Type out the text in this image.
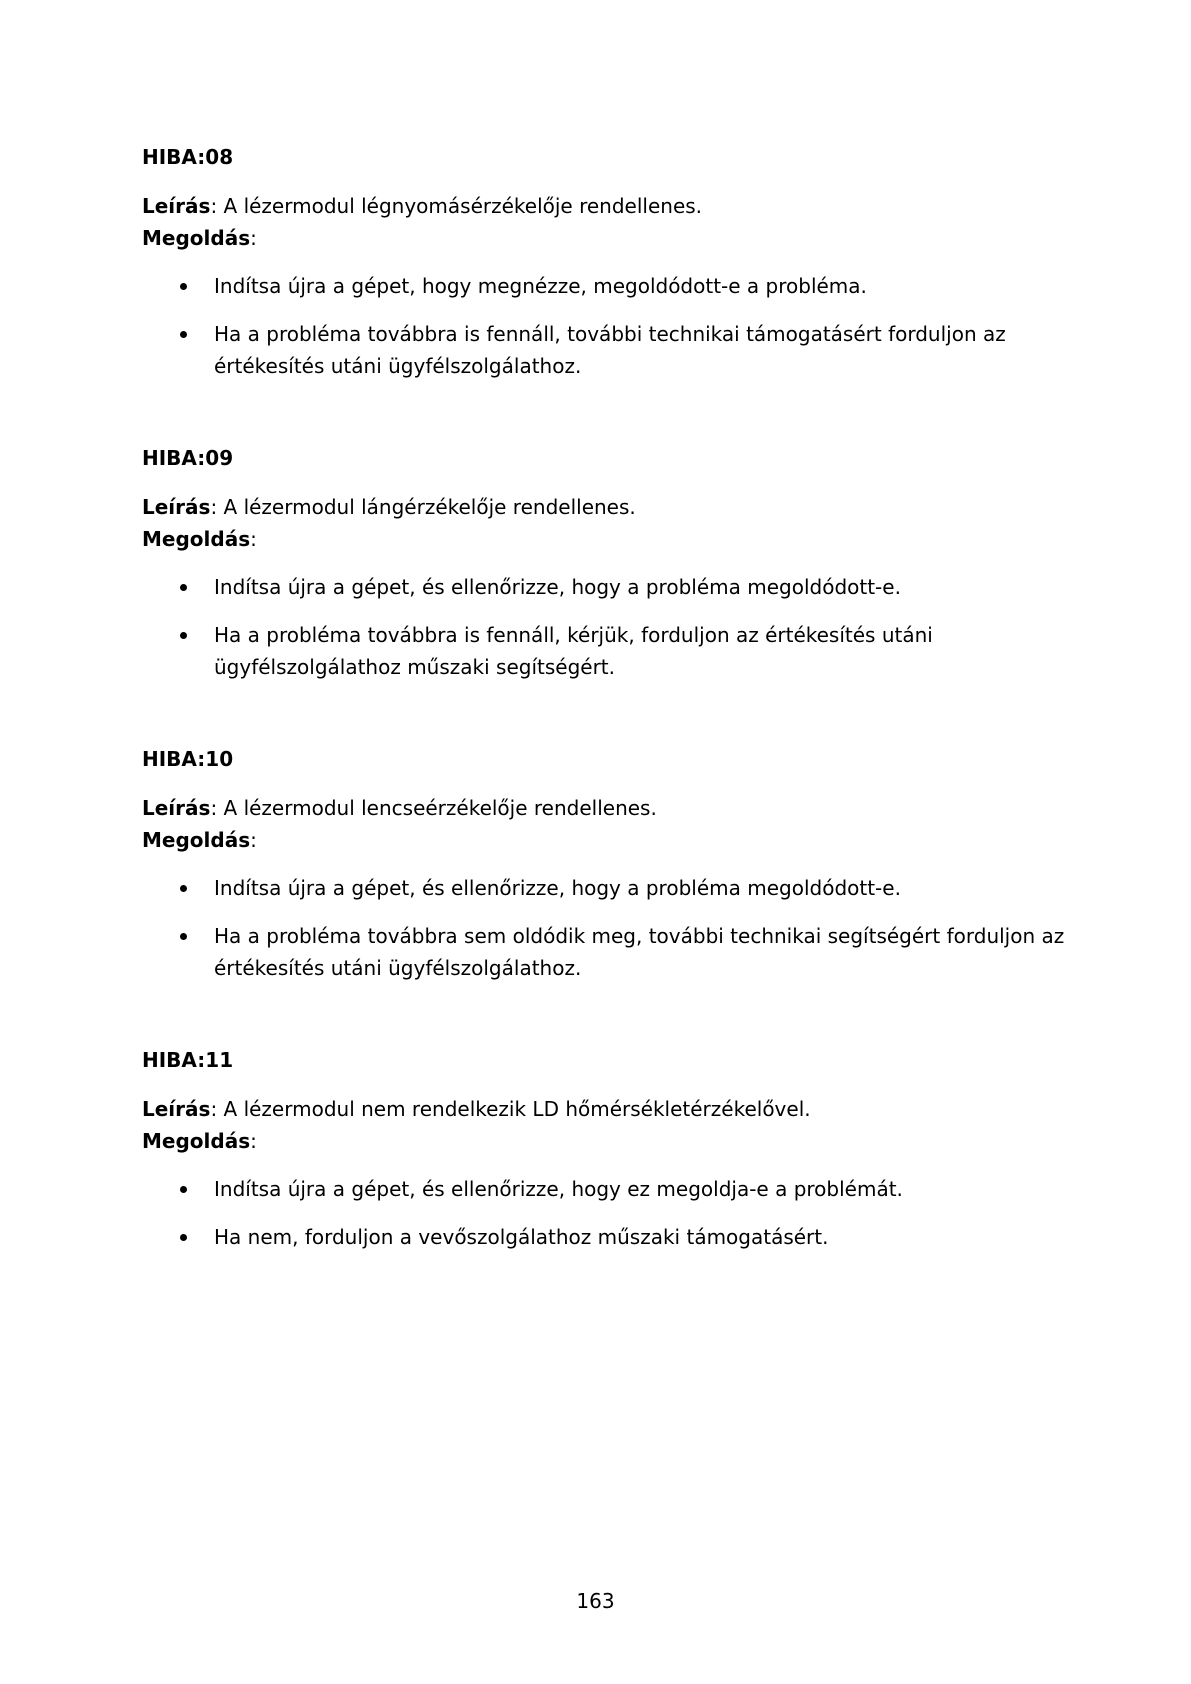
HIBA:08

Leírás: A lézermodul légnyomásérzékelője rendellenes.

Megoldás:

Indítsa újra a gépet, hogy megnézze, megoldódott-e a probléma.
Ha a probléma továbbra is fennáll, további technikai támogatásért forduljon az értékesítés utáni ügyfélszolgálathoz.
HIBA:09

Leírás: A lézermodul lángérzékelője rendellenes.

Megoldás:

Indítsa újra a gépet, és ellenőrizze, hogy a probléma megoldódott-e.
Ha a probléma továbbra is fennáll, kérjük, forduljon az értékesítés utáni ügyfélszolgálathoz műszaki segítségért.
HIBA:10

Leírás: A lézermodul lencseérzékelője rendellenes.

Megoldás:

Indítsa újra a gépet, és ellenőrizze, hogy a probléma megoldódott-e.
Ha a probléma továbbra sem oldódik meg, további technikai segítségért forduljon az értékesítés utáni ügyfélszolgálathoz.
HIBA:11

Leírás: A lézermodul nem rendelkezik LD hőmérsékletérzékelővel.

Megoldás:

Indítsa újra a gépet, és ellenőrizze, hogy ez megoldja-e a problémát.
Ha nem, forduljon a vevőszolgálathoz műszaki támogatásért.
163
